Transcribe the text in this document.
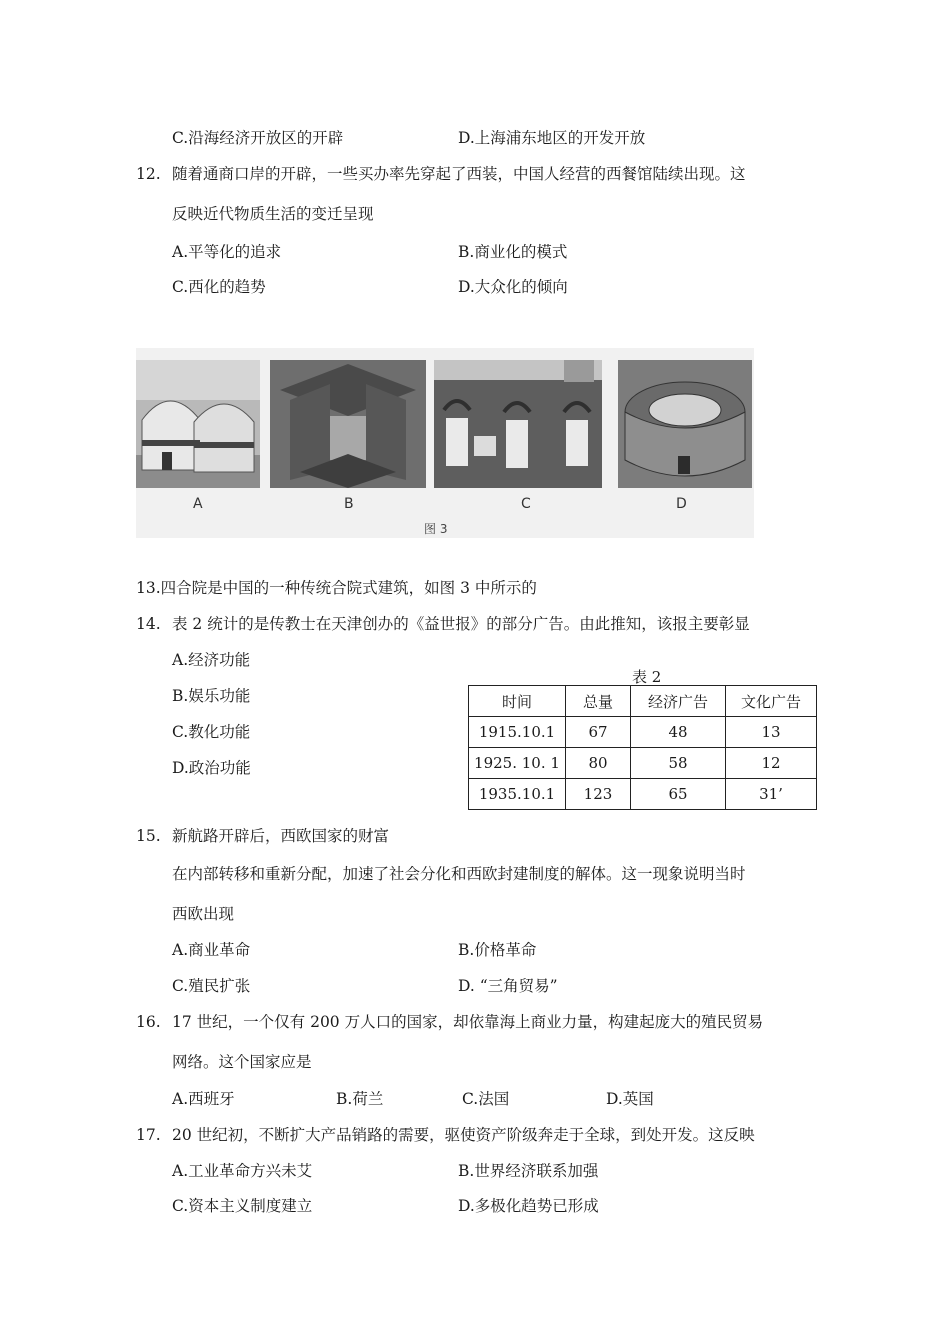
C.沿海经济开放区的开辟	D.上海浦东地区的开发开放
12. 随着通商口岸的开辟，一些买办率先穿起了西装，中国人经营的西餐馆陆续出现。这
反映近代物质生活的变迁呈现
A.平等化的追求	B.商业化的模式
C.西化的趋势	D.大众化的倾向
A	B	C	D
图 3
13.四合院是中国的一种传统合院式建筑，如图 3 中所示的
14. 表 2 统计的是传教士在天津创办的《益世报》的部分广告。由此推知，该报主要彰显
A.经济功能
B.娱乐功能
C.教化功能
D.政治功能
表 2
时间	总量	经济广告	文化广告
1915.10.1	67	48	13
1925. 10. 1	80	58	12
1935.10.1	123	65	31’
15. 新航路开辟后，西欧国家的财富
在内部转移和重新分配，加速了社会分化和西欧封建制度的解体。这一现象说明当时
西欧出现
A.商业革命	B.价格革命
C.殖民扩张	D. “三角贸易”
16. 17 世纪，一个仅有 200 万人口的国家，却依靠海上商业力量，构建起庞大的殖民贸易
网络。这个国家应是
A.西班牙	B.荷兰	C.法国	D.英国
17. 20 世纪初，不断扩大产品销路的需要，驱使资产阶级奔走于全球，到处开发。这反映
A.工业革命方兴未艾	B.世界经济联系加强
C.资本主义制度建立	D.多极化趋势已形成
